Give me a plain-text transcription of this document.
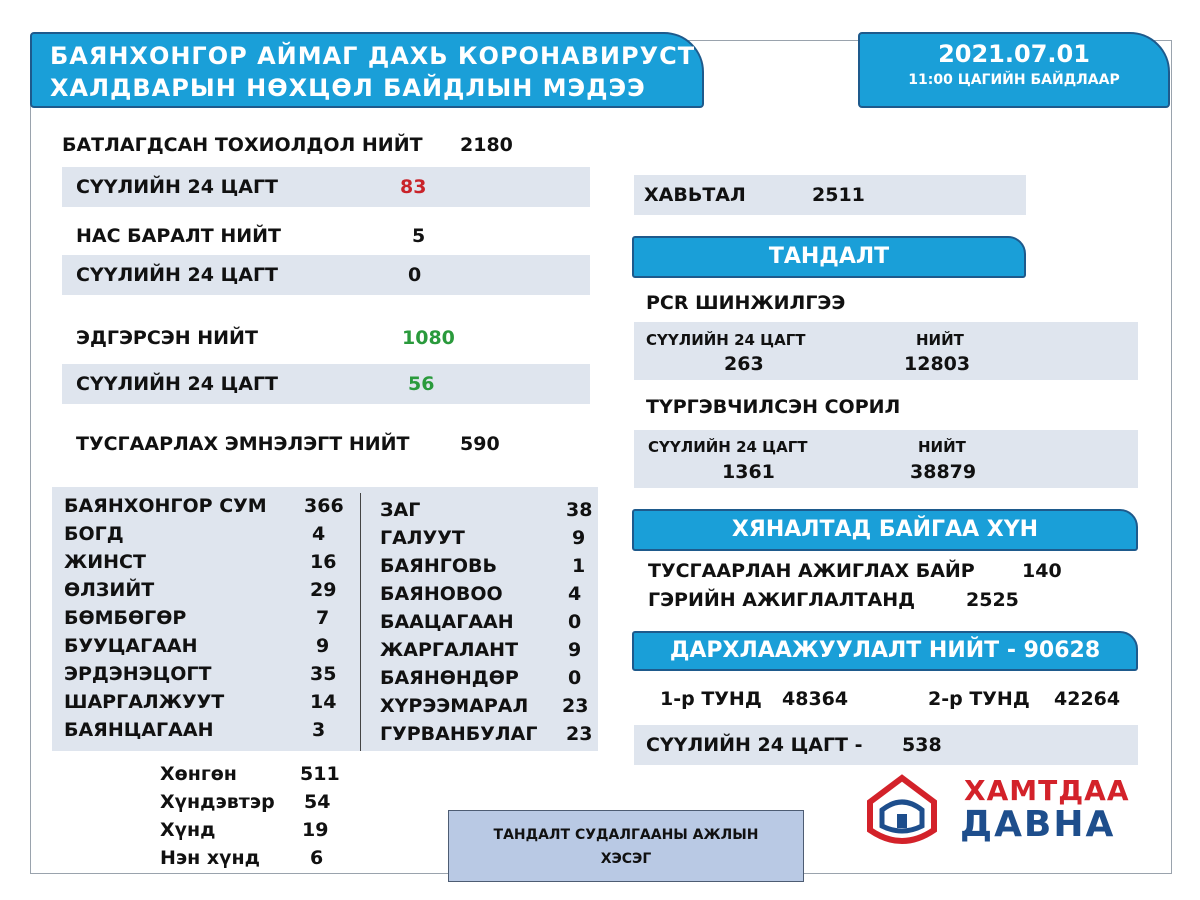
БАЯНХОНГОР АЙМАГ ДАХЬ КОРОНАВИРУСТ
ХАЛДВАРЫН НӨХЦӨЛ БАЙДЛЫН МЭДЭЭ
2021.07.01
11:00 ЦАГИЙН БАЙДЛААР
БАТЛАГДСАН ТОХИОЛДОЛ НИЙТ 2180
СҮҮЛИЙН 24 ЦАГТ	83
НАС БАРАЛТ НИЙТ	5
СҮҮЛИЙН 24 ЦАГТ	0
ЭДГЭРСЭН НИЙТ	1080
СҮҮЛИЙН 24 ЦАГТ	56
ТУСГААРЛАХ ЭМНЭЛЭГТ НИЙТ	590
БАЯНХОНГОР СУМ 366
БОГД	4
ЖИНСТ	16
ӨЛЗИЙТ	29
БӨМБӨГӨР	7
БУУЦАГААН	9
ЭРДЭНЭЦОГТ	35
ШАРГАЛЖУУТ	14
БАЯНЦАГААН	3
ЗАГ	38
ГАЛУУТ	9
БАЯНГОВЬ	1
БАЯНОВОО	4
БААЦАГААН	0
ЖАРГАЛАНТ	9
БАЯНӨНДӨР	0
ХҮРЭЭМАРАЛ 23
ГУРВАНБУЛАГ 23
Хөнгөн	511
Хүндэвтэр 54
Хүнд	19
Нэн хүнд	6
ХАВЬТАЛ	2511
ТАНДАЛТ
PCR ШИНЖИЛГЭЭ
СҮҮЛИЙН 24 ЦАГТ	НИЙТ
263	12803
ТҮРГЭВЧИЛСЭН СОРИЛ
СҮҮЛИЙН 24 ЦАГТ	НИЙТ
1361	38879
ХЯНАЛТАД БАЙГАА ХҮН
ТУСГААРЛАН АЖИГЛАХ БАЙР 140
ГЭРИЙН АЖИГЛАЛТАНД	2525
ДАРХЛААЖУУЛАЛТ НИЙТ - 90628
1-р ТУНД 48364	2-р ТУНД 42264
СҮҮЛИЙН 24 ЦАГТ - 538
ТАНДАЛТ СУДАЛГААНЫ АЖЛЫН
ХЭСЭГ
ХАМТДАА
ДАВНА
